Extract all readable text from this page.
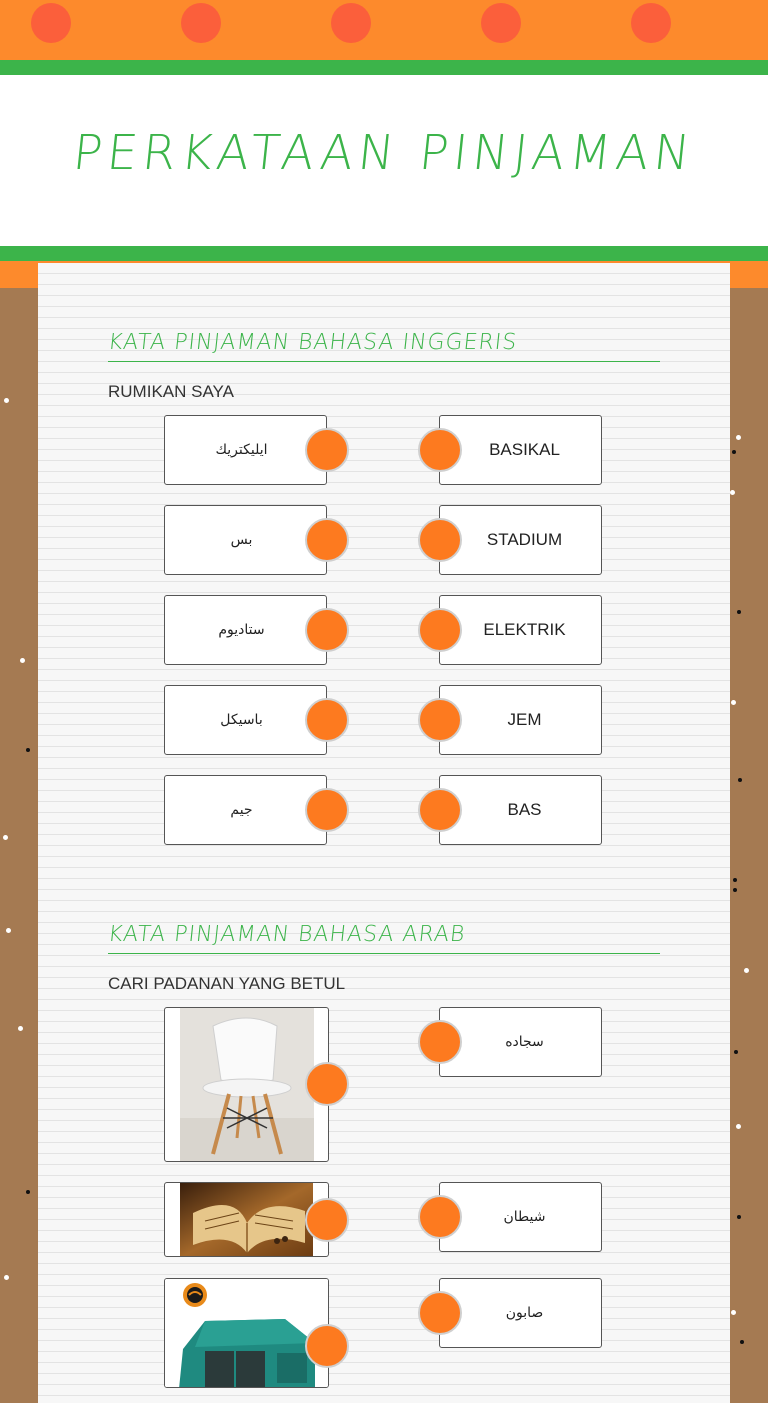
PERKATAAN PINJAMAN
KATA PINJAMAN BAHASA INGGERIS
RUMIKAN SAYA
ايليكتريك	BASIKAL
بس	STADIUM
ستاديوم	ELEKTRIK
باسيكل	JEM
جيم	BAS
KATA PINJAMAN BAHASA ARAB
CARI PADANAN YANG BETUL
سجاده
شيطان
صابون
